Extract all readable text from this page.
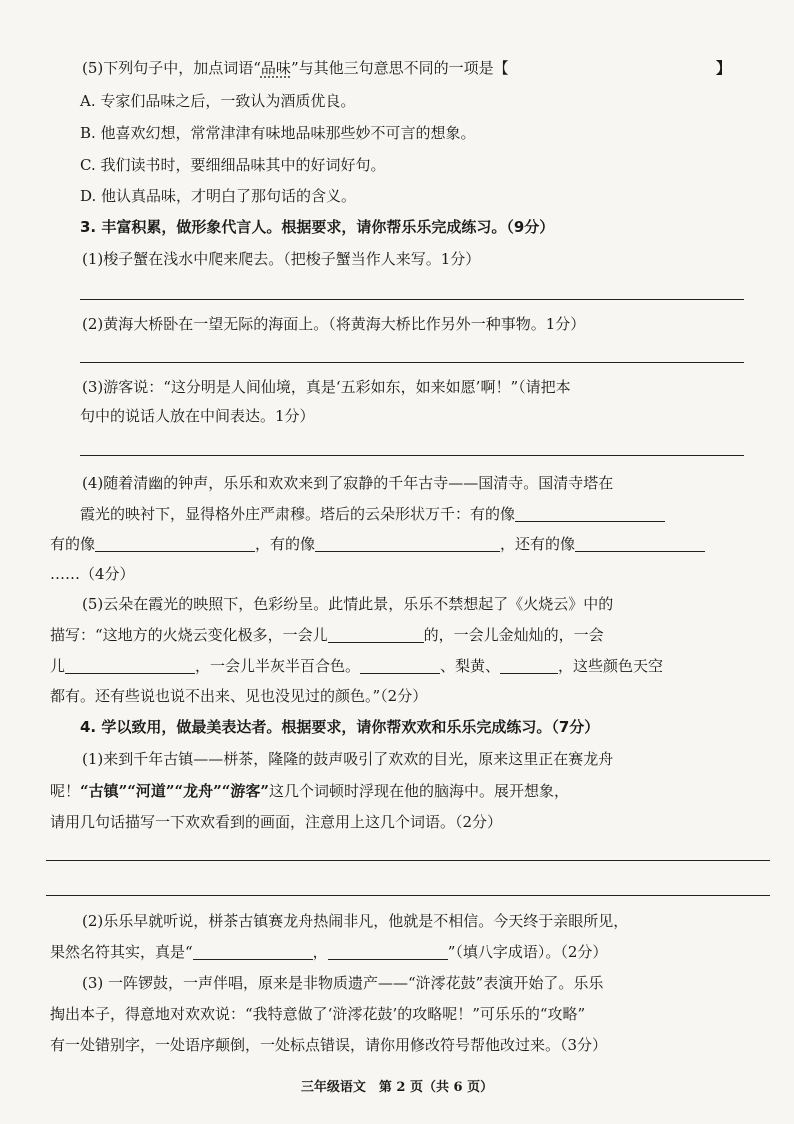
(5)下列句子中，加点词语“品味”与其他三句意思不同的一项是【	】
A. 专家们品味之后，一致认为酒质优良。
B. 他喜欢幻想，常常津津有味地品味那些妙不可言的想象。
C. 我们读书时，要细细品味其中的好词好句。
D. 他认真品味，才明白了那句话的含义。
3. 丰富积累，做形象代言人。根据要求，请你帮乐乐完成练习。（9分）
(1)梭子蟹在浅水中爬来爬去。（把梭子蟹当作人来写。1分）
(2)黄海大桥卧在一望无际的海面上。（将黄海大桥比作另外一种事物。1分）
(3)游客说：“这分明是人间仙境，真是‘五彩如东，如来如愿’啊！”（请把本
句中的说话人放在中间表达。1分）
(4)随着清幽的钟声，乐乐和欢欢来到了寂静的千年古寺——国清寺。国清寺塔在
霞光的映衬下，显得格外庄严肃穆。塔后的云朵形状万千：有的像
有的像	，有的像	，还有的像
……（4分）
(5)云朵在霞光的映照下，色彩纷呈。此情此景，乐乐不禁想起了《火烧云》中的
描写：“这地方的火烧云变化极多，一会儿	的，一会儿金灿灿的，一会
儿	，一会儿半灰半百合色。	、梨黄、	，这些颜色天空
都有。还有些说也说不出来、见也没见过的颜色。”（2分）
4. 学以致用，做最美表达者。根据要求，请你帮欢欢和乐乐完成练习。（7分）
(1)来到千年古镇——栟茶，隆隆的鼓声吸引了欢欢的目光，原来这里正在赛龙舟
呢！“古镇”“河道”“龙舟”“游客”这几个词顿时浮现在他的脑海中。展开想象，
请用几句话描写一下欢欢看到的画面，注意用上这几个词语。（2分）
(2)乐乐早就听说，栟茶古镇赛龙舟热闹非凡，他就是不相信。今天终于亲眼所见，
果然名符其实，真是“	，	”（填八字成语）。（2分）
(3) 一阵锣鼓，一声伴唱，原来是非物质遗产——“浒澪花鼓”表演开始了。乐乐
掏出本子，得意地对欢欢说：“我特意做了‘浒澪花鼓’的攻略呢！”可乐乐的“攻略”
有一处错别字，一处语序颠倒，一处标点错误，请你用修改符号帮他改过来。（3分）
三年级语文　第 2 页（共 6 页）
